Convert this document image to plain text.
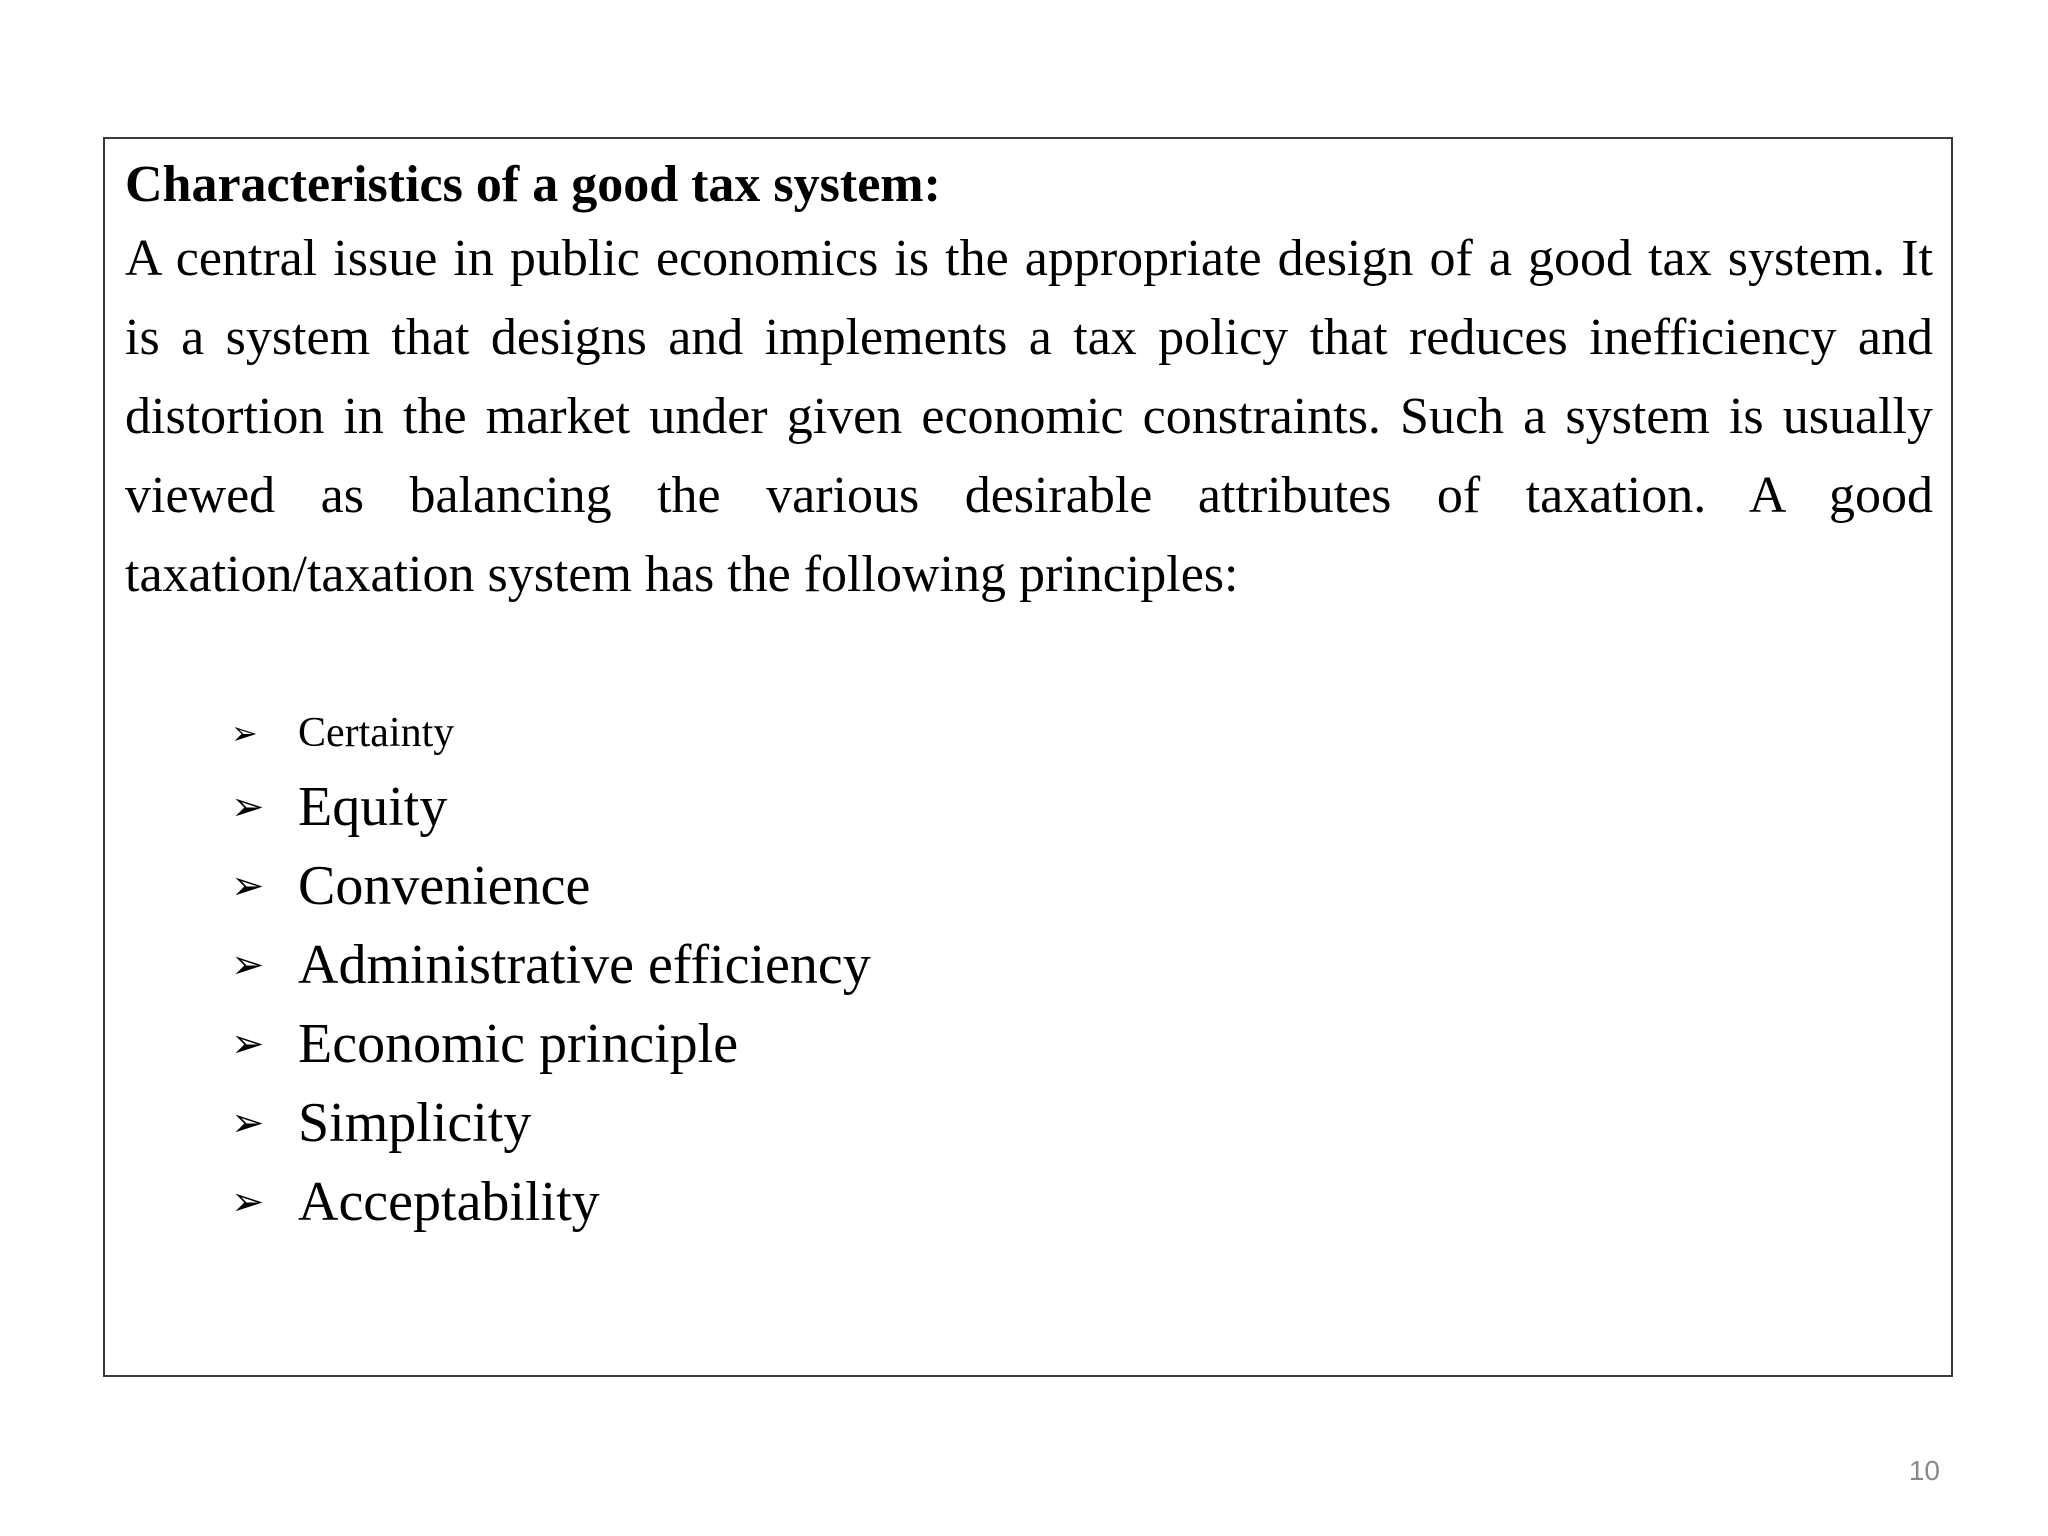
Characteristics of a good tax system:

A central issue in public economics is the appropriate design of a good tax system. It is a system that designs and implements a tax policy that reduces inefficiency and distortion in the market under given economic constraints. Such a system is usually viewed as balancing the various desirable attributes of taxation. A good taxation/taxation system has the following principles:

➢ Certainty
➢ Equity
➢ Convenience
➢ Administrative efficiency
➢ Economic principle
➢ Simplicity
➢ Acceptability
10
